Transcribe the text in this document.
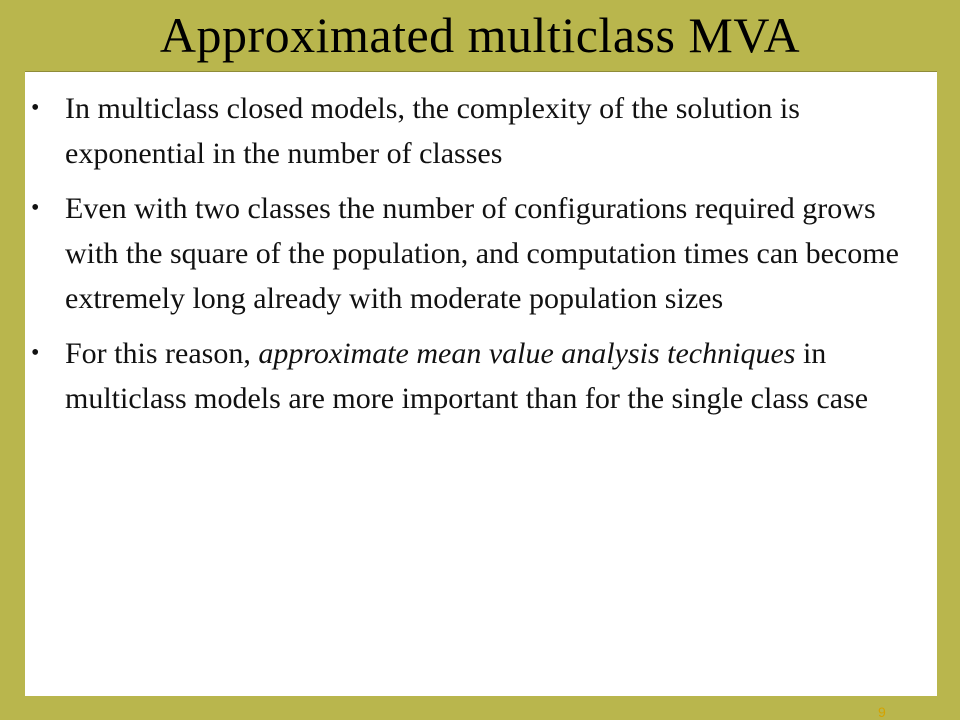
Approximated multiclass MVA
• In multiclass closed models, the complexity of the solution is exponential in the number of classes
• Even with two classes the number of configurations required grows with the square of the population, and computation times can become extremely long already with moderate population sizes
• For this reason, approximate mean value analysis techniques in multiclass models are more important than for the single class case
9
